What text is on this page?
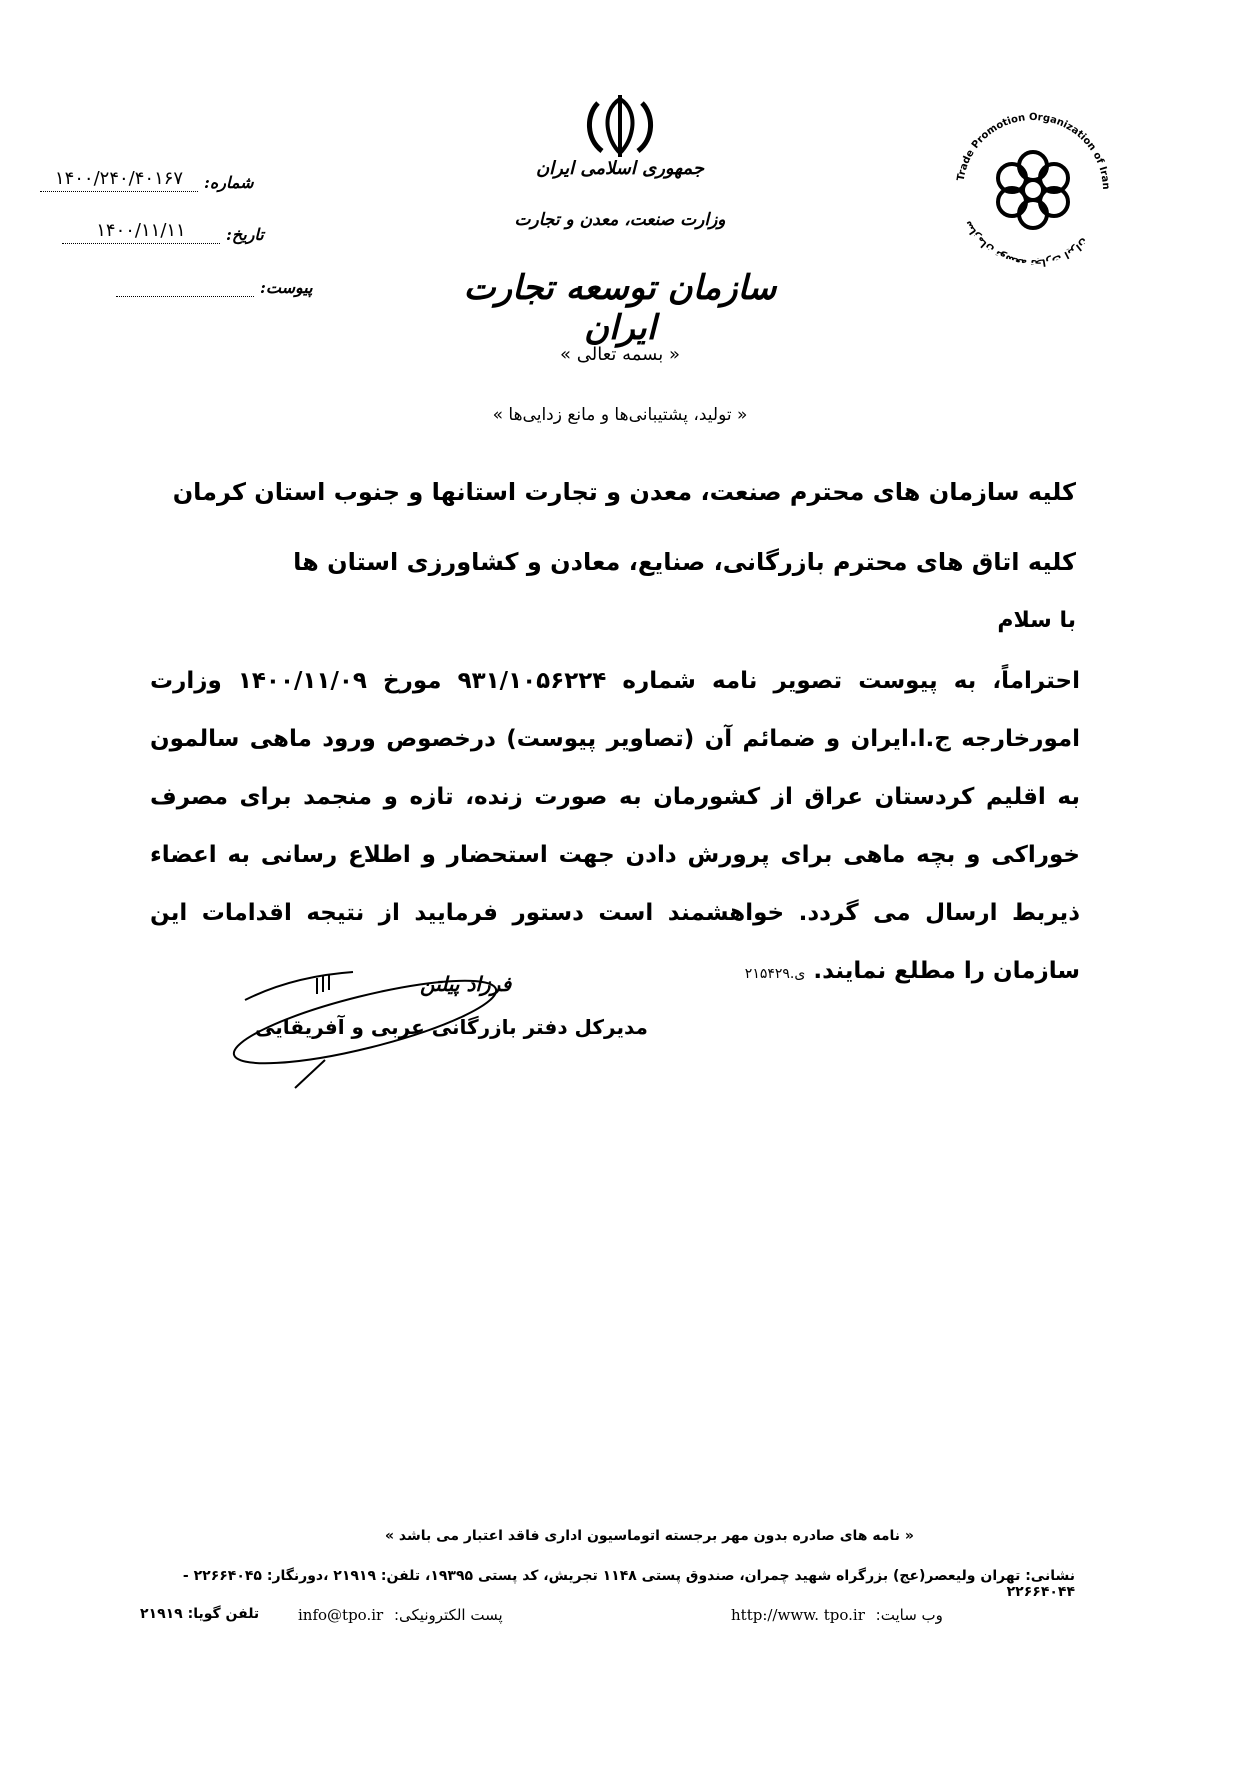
۱۴۰۰/۲۴۰/۴۰۱۶۷	شماره:
۱۴۰۰/۱۱/۱۱	تاریخ:
پیوست:
جمهوری اسلامی ایران
وزارت صنعت، معدن و تجارت
سازمان توسعه تجارت ایران
« بسمه تعالی »
« تولید، پشتیبانی‌ها و مانع زدایی‌ها »
Trade Promotion Organization of Iran
سازمان توسعه تجارت ایران
کلیه سازمان های محترم صنعت، معدن و تجارت استانها و جنوب استان کرمان
کلیه اتاق های محترم بازرگانی، صنایع، معادن و کشاورزی استان ها
با سلام
احتراماً، به پیوست تصویر نامه شماره ۹۳۱/۱۰۵۶۲۲۴ مورخ ۱۴۰۰/۱۱/۰۹ وزارت امورخارجه ج.ا.ایران و ضمائم آن (تصاویر پیوست) درخصوص ورود ماهی سالمون به اقلیم کردستان عراق از کشورمان به صورت زنده، تازه و منجمد برای مصرف خوراکی و بچه ماهی برای پرورش دادن جهت استحضار و اطلاع رسانی به اعضاء ذیربط ارسال می گردد. خواهشمند است دستور فرمایید از نتیجه اقدامات این سازمان را مطلع نمایند. ی.۲۱۵۴۲۹
فرزاد پیلتن
مدیرکل دفتر بازرگانی عربی و آفریقایی
« نامه های صادره بدون مهر برجسته اتوماسیون اداری فاقد اعتبار می باشد »
نشانی: تهران ولیعصر(عج) بزرگراه شهید چمران، صندوق پستی ۱۱۴۸ تجریش، کد پستی ۱۹۳۹۵، تلفن: ۲۱۹۱۹ ،دورنگار: ۲۲۶۶۴۰۴۵ - ۲۲۶۶۴۰۴۴
وب سایت: http://www. tpo.ir
پست الکترونیکی: info@tpo.ir
تلفن گویا: ۲۱۹۱۹
